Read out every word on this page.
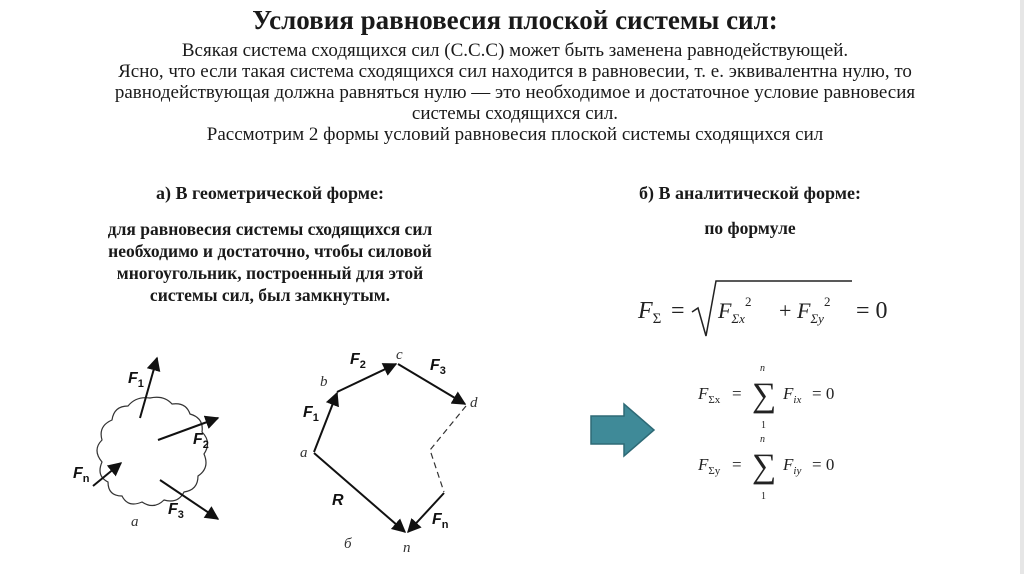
Условия равновесия плоской системы сил:
Всякая система сходящихся сил (С.С.С) может быть заменена равнодействующей.
Ясно, что если такая система сходящихся сил находится в равновесии, т. е. эквивалентна нулю, то
равнодействующая должна равняться нулю — это необходимое и достаточное условие равновесия
системы сходящихся сил.
Рассмотрим 2 формы условий равновесия плоской системы сходящихся сил
а) В геометрической форме:
для равновесия системы сходящихся сил
необходимо и достаточно, чтобы силовой
многоугольник, построенный для этой
системы сил, был замкнутым.
б) В аналитической форме:
по формуле
$F_1$
$F_2$
$F_n$
$F_3$
а
a
b
c
d
n
$F_1$
$F_2$	$F_3$
$F_n$
R
б
$F_\Sigma = F_{\Sigma x}^2 + F_{\Sigma y}^2 = 0$
$F_{\Sigma x}$ = ∑
n
1
$F_{ix} = 0$
$F_{\Sigma y}$ = ∑
n
1
$F_{iy} = 0$
